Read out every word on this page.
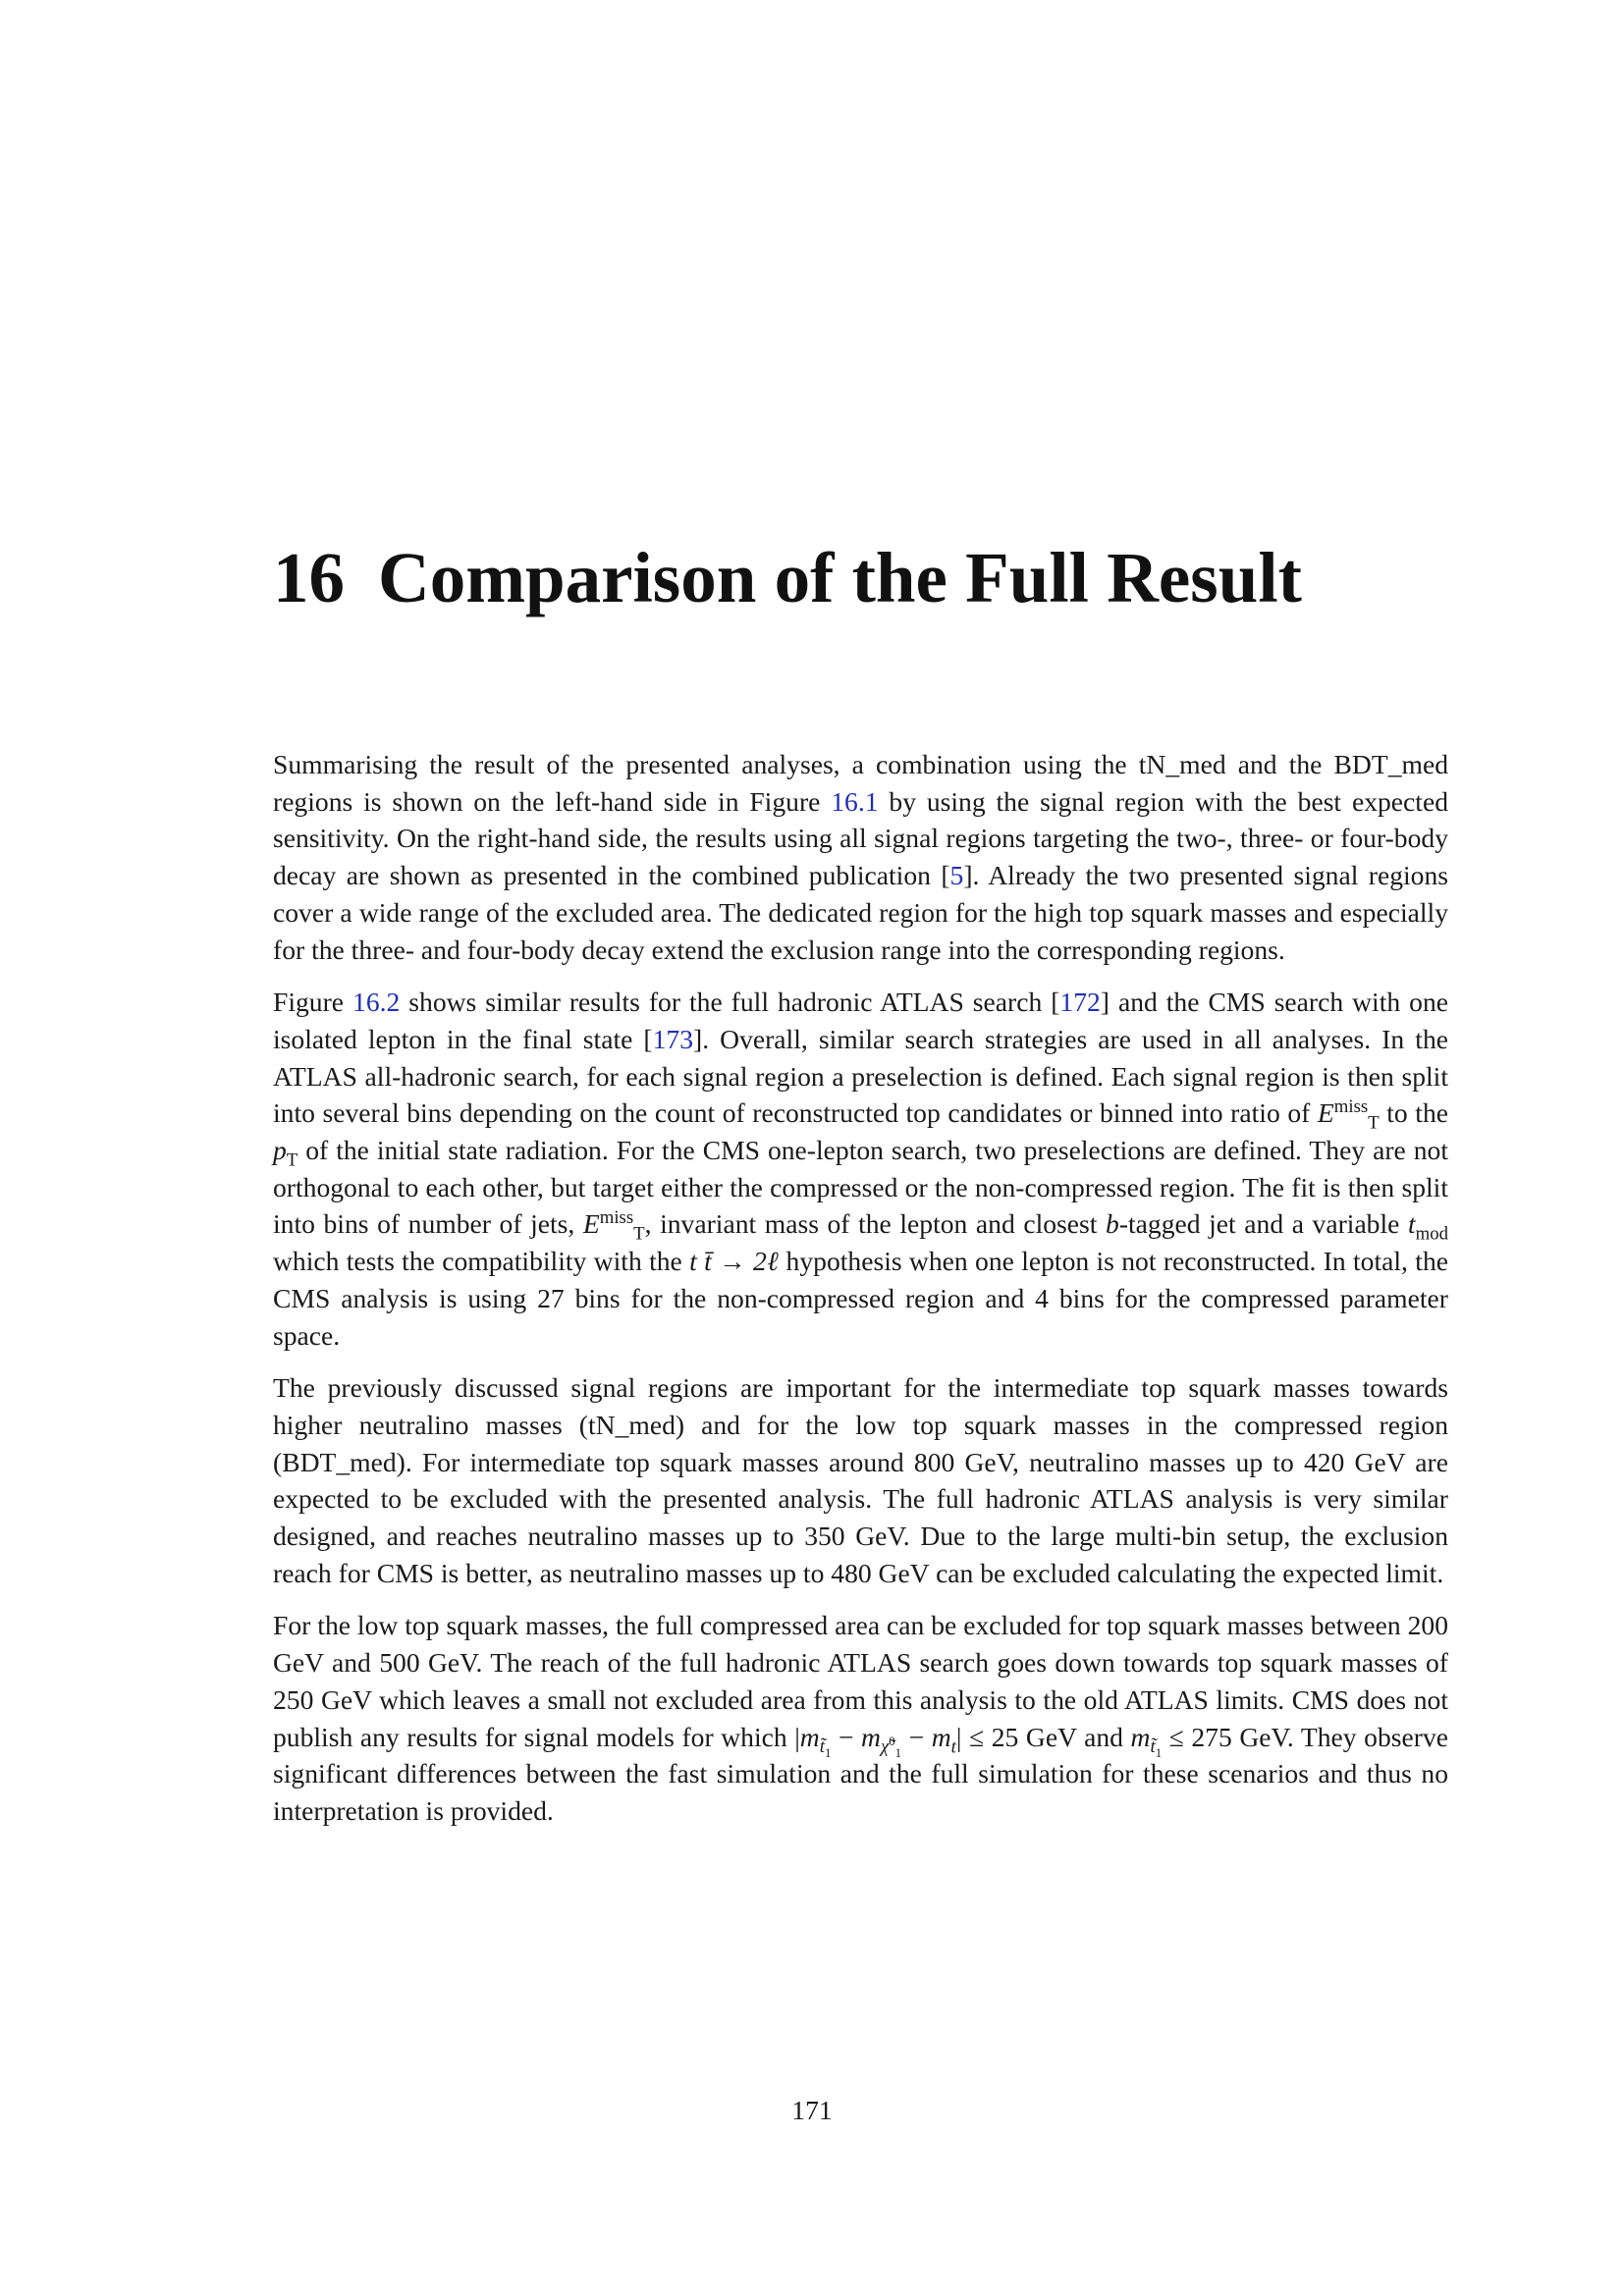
16 Comparison of the Full Result

Summarising the result of the presented analyses, a combination using the tN_med and the BDT_med regions is shown on the left-hand side in Figure 16.1 by using the signal region with the best expected sensitivity. On the right-hand side, the results using all signal regions targeting the two-, three- or four-body decay are shown as presented in the combined publication [5]. Already the two presented signal regions cover a wide range of the excluded area. The dedicated region for the high top squark masses and especially for the three- and four-body decay extend the exclusion range into the corresponding regions.

Figure 16.2 shows similar results for the full hadronic ATLAS search [172] and the CMS search with one isolated lepton in the final state [173]. Overall, similar search strategies are used in all analyses. In the ATLAS all-hadronic search, for each signal region a preselection is defined. Each signal region is then split into several bins depending on the count of reconstructed top candidates or binned into ratio of $E^{miss}_T$ to the $p_T$ of the initial state radiation. For the CMS one-lepton search, two preselections are defined. They are not orthogonal to each other, but target either the compressed or the non-compressed region. The fit is then split into bins of number of jets, $E^{miss}_T$, invariant mass of the lepton and closest b-tagged jet and a variable $t_{mod}$ which tests the compatibility with the t t̄ → 2ℓ hypothesis when one lepton is not reconstructed. In total, the CMS analysis is using 27 bins for the non-compressed region and 4 bins for the compressed parameter space.

The previously discussed signal regions are important for the intermediate top squark masses towards higher neutralino masses (tN_med) and for the low top squark masses in the compressed region (BDT_med). For intermediate top squark masses around 800 GeV, neutralino masses up to 420 GeV are expected to be excluded with the presented analysis. The full hadronic ATLAS analysis is very similar designed, and reaches neutralino masses up to 350 GeV. Due to the large multi-bin setup, the exclusion reach for CMS is better, as neutralino masses up to 480 GeV can be excluded calculating the expected limit.

For the low top squark masses, the full compressed area can be excluded for top squark masses between 200 GeV and 500 GeV. The reach of the full hadronic ATLAS search goes down towards top squark masses of 250 GeV which leaves a small not excluded area from this analysis to the old ATLAS limits. CMS does not publish any results for signal models for which $|m_{t̃_1} - m_{\chĩ^0_1} - m_t| \le 25$ GeV and $m_{t̃_1} \le 275$ GeV. They observe significant differences between the fast simulation and the full simulation for these scenarios and thus no interpretation is provided.

171
